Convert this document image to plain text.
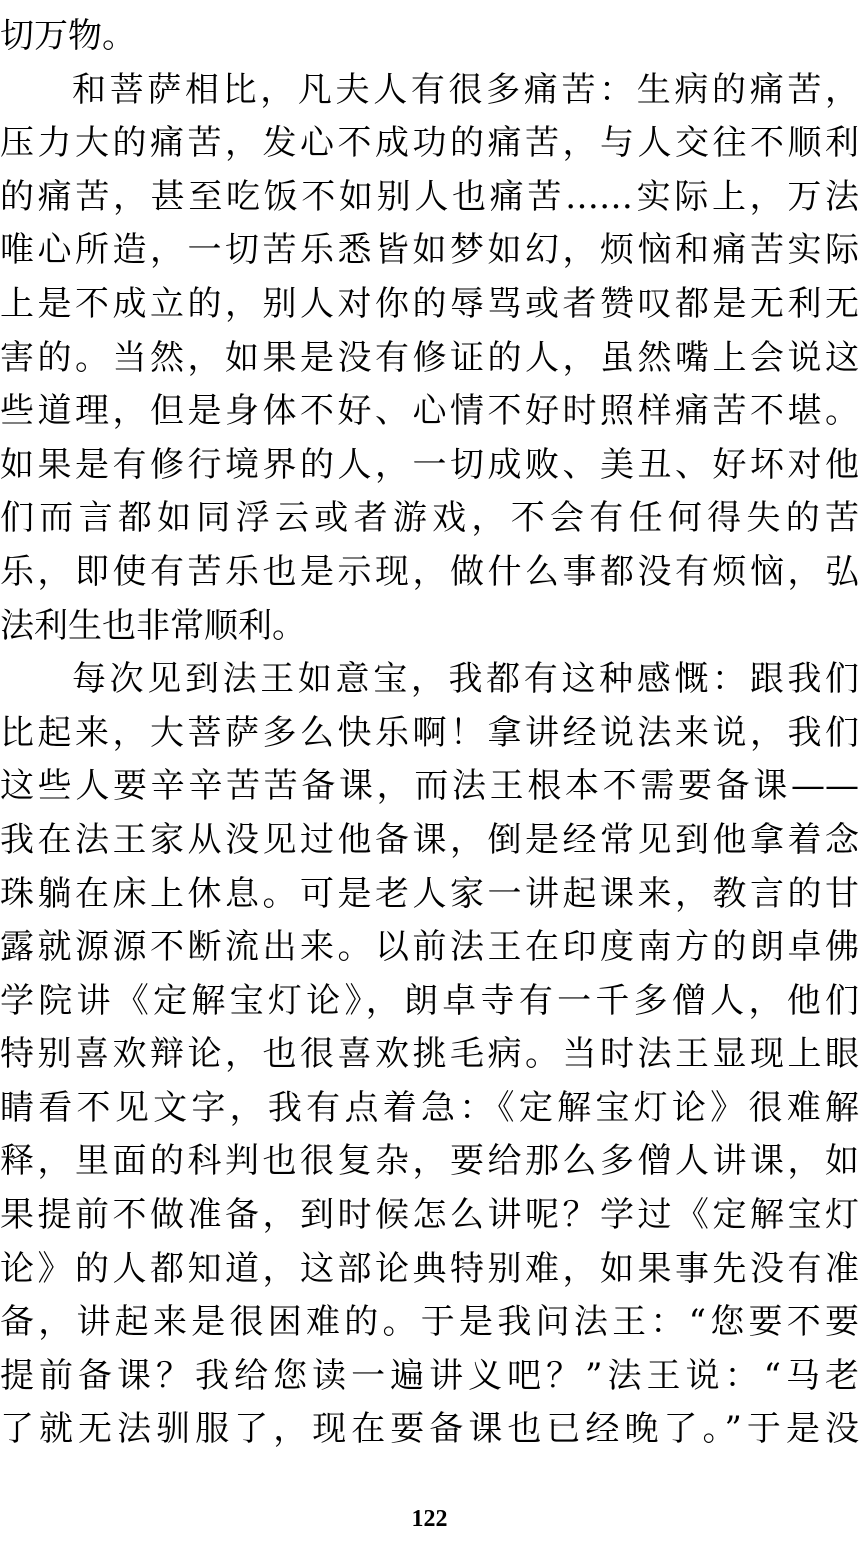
切万物。
和菩萨相比，凡夫人有很多痛苦：生病的痛苦，
压力大的痛苦，发心不成功的痛苦，与人交往不顺利
的痛苦，甚至吃饭不如别人也痛苦……实际上，万法
唯心所造，一切苦乐悉皆如梦如幻，烦恼和痛苦实际
上是不成立的，别人对你的辱骂或者赞叹都是无利无
害的。当然，如果是没有修证的人，虽然嘴上会说这
些道理，但是身体不好、心情不好时照样痛苦不堪。
如果是有修行境界的人，一切成败、美丑、好坏对他
们而言都如同浮云或者游戏，不会有任何得失的苦
乐，即使有苦乐也是示现，做什么事都没有烦恼，弘
法利生也非常顺利。
每次见到法王如意宝，我都有这种感慨：跟我们
比起来，大菩萨多么快乐啊！拿讲经说法来说，我们
这些人要辛辛苦苦备课，而法王根本不需要备课——
我在法王家从没见过他备课，倒是经常见到他拿着念
珠躺在床上休息。可是老人家一讲起课来，教言的甘
露就源源不断流出来。以前法王在印度南方的朗卓佛
学院讲《定解宝灯论》，朗卓寺有一千多僧人，他们
特别喜欢辩论，也很喜欢挑毛病。当时法王显现上眼
睛看不见文字，我有点着急：《定解宝灯论》很难解
释，里面的科判也很复杂，要给那么多僧人讲课，如
果提前不做准备，到时候怎么讲呢？学过《定解宝灯
论》的人都知道，这部论典特别难，如果事先没有准
备，讲起来是很困难的。于是我问法王：“您要不要
提前备课？我给您读一遍讲义吧？”法王说：“马老
了就无法驯服了，现在要备课也已经晚了。”于是没
122
